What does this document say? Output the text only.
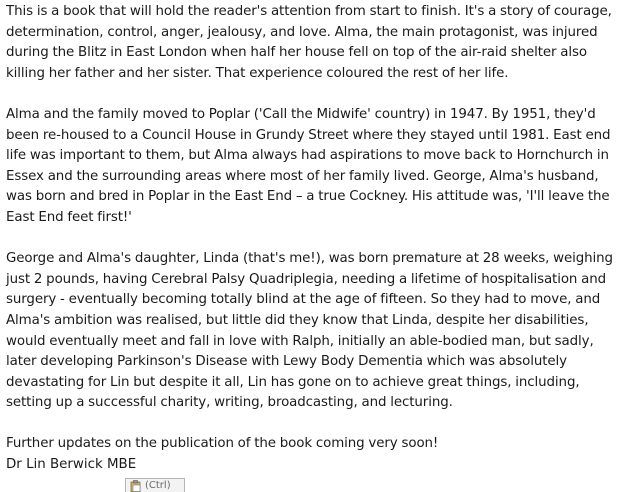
This is a book that will hold the reader's attention from start to finish. It's a story of courage, determination, control, anger, jealousy, and love. Alma, the main protagonist, was injured during the Blitz in East London when half her house fell on top of the air-raid shelter also killing her father and her sister. That experience coloured the rest of her life.

Alma and the family moved to Poplar ('Call the Midwife' country) in 1947. By 1951, they'd been re-housed to a Council House in Grundy Street where they stayed until 1981. East end life was important to them, but Alma always had aspirations to move back to Hornchurch in Essex and the surrounding areas where most of her family lived. George, Alma's husband, was born and bred in Poplar in the East End – a true Cockney. His attitude was, 'I'll leave the East End feet first!'

George and Alma's daughter, Linda (that's me!), was born premature at 28 weeks, weighing just 2 pounds, having Cerebral Palsy Quadriplegia, needing a lifetime of hospitalisation and surgery - eventually becoming totally blind at the age of fifteen. So they had to move, and Alma's ambition was realised, but little did they know that Linda, despite her disabilities, would eventually meet and fall in love with Ralph, initially an able-bodied man, but sadly, later developing Parkinson's Disease with Lewy Body Dementia which was absolutely devastating for Lin but despite it all, Lin has gone on to achieve great things, including, setting up a successful charity, writing, broadcasting, and lecturing.

Further updates on the publication of the book coming very soon!

Dr Lin Berwick MBE

(Ctrl)
